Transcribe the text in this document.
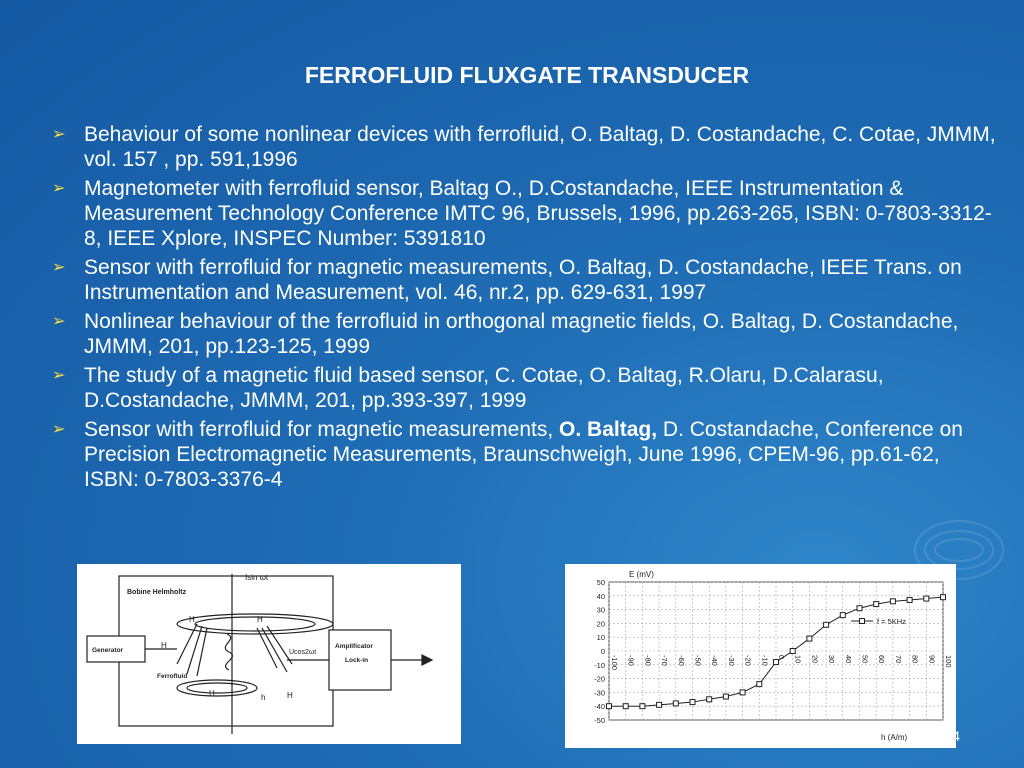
FERROFLUID FLUXGATE TRANSDUCER
➢ Behaviour of some nonlinear devices with ferrofluid, O. Baltag, D. Costandache, C. Cotae, JMMM, vol. 157 , pp. 591,1996
➢ Magnetometer with ferrofluid sensor, Baltag O., D.Costandache, IEEE Instrumentation & Measurement Technology Conference IMTC 96, Brussels, 1996, pp.263-265, ISBN: 0-7803-3312-8, IEEE Xplore, INSPEC Number: 5391810
➢ Sensor with ferrofluid for magnetic measurements, O. Baltag, D. Costandache, IEEE Trans. on Instrumentation and Measurement, vol. 46, nr.2, pp. 629-631, 1997
➢ Nonlinear behaviour of the ferrofluid in orthogonal magnetic fields, O. Baltag, D. Costandache, JMMM, 201, pp.123-125, 1999
➢ The study of a magnetic fluid based sensor, C. Cotae, O. Baltag, R.Olaru, D.Calarasu, D.Costandache, JMMM, 201, pp.393-397, 1999
➢ Sensor with ferrofluid for magnetic measurements, O. Baltag, D. Costandache, Conference on Precision Electromagnetic Measurements, Braunschweigh, June 1996, CPEM-96, pp.61-62, ISBN: 0-7803-3376-4
Bobine Helmholtz
Generator
Amplificator
Lock-in
Ferrofluid
Isin ωt
Ucos2ωt
H	H
H
H	h	H
50
40
30
20
10
0
-10
-20
-30
-40
-50
-100 -90 -80 -70 -60 -50 -40 -30 -20 -10 0 10 20 30 40 50 60 70 80 90 100
E (mV)
h (A/m)
f = 5KHz
4
